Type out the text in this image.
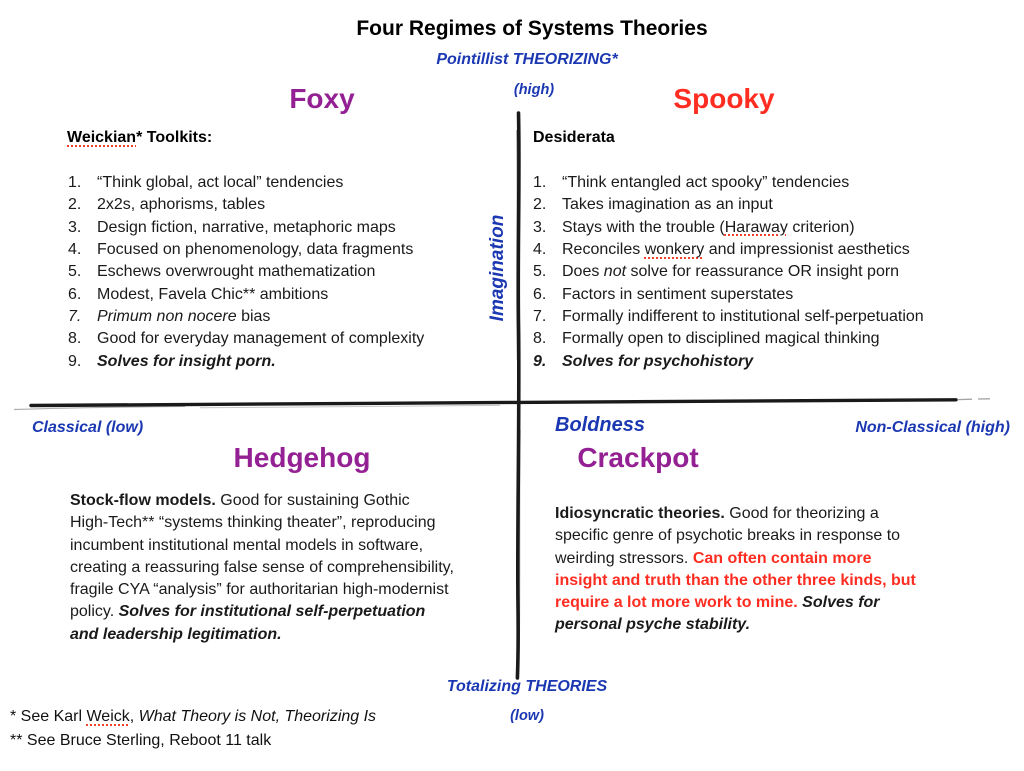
Four Regimes of Systems Theories
Pointillist THEORIZING*
(high)
Imagination
Totalizing THEORIES
(low)
Classical (low)	Boldness	Non-Classical (high)
Foxy	Spooky
Hedgehog	Crackpot
Weickian* Toolkits:
1. “Think global, act local” tendencies
2. 2x2s, aphorisms, tables
3. Design fiction, narrative, metaphoric maps
4. Focused on phenomenology, data fragments
5. Eschews overwrought mathematization
6. Modest, Favela Chic** ambitions
7. Primum non nocere bias
8. Good for everyday management of complexity
9. Solves for insight porn.
Desiderata
1. “Think entangled act spooky” tendencies
2. Takes imagination as an input
3. Stays with the trouble (Haraway criterion)
4. Reconciles wonkery and impressionist aesthetics
5. Does not solve for reassurance OR insight porn
6. Factors in sentiment superstates
7. Formally indifferent to institutional self-perpetuation
8. Formally open to disciplined magical thinking
9. Solves for psychohistory
Stock-flow models. Good for sustaining Gothic
High-Tech** “systems thinking theater”, reproducing
incumbent institutional mental models in software,
creating a reassuring false sense of comprehensibility,
fragile CYA “analysis” for authoritarian high-modernist
policy. Solves for institutional self-perpetuation
and leadership legitimation.
Idiosyncratic theories. Good for theorizing a
specific genre of psychotic breaks in response to
weirding stressors. Can often contain more
insight and truth than the other three kinds, but
require a lot more work to mine. Solves for
personal psyche stability.
* See Karl Weick, What Theory is Not, Theorizing Is
** See Bruce Sterling, Reboot 11 talk
